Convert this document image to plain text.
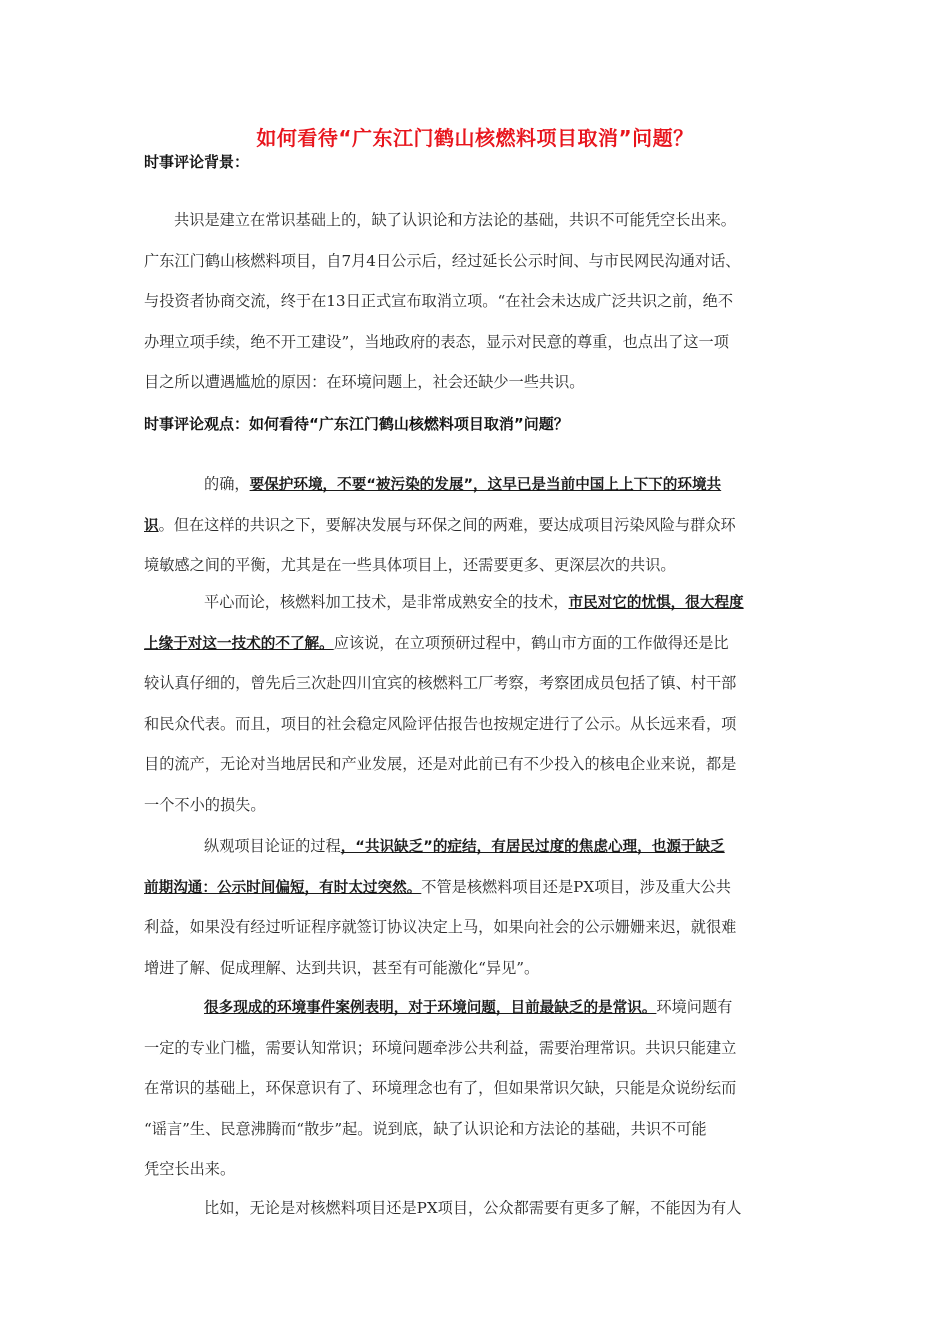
如何看待“广东江门鹤山核燃料项目取消”问题？
时事评论背景：
共识是建立在常识基础上的，缺了认识论和方法论的基础，共识不可能凭空长出来。
广东江门鹤山核燃料项目，自7月4日公示后，经过延长公示时间、与市民网民沟通对话、
与投资者协商交流，终于在13日正式宣布取消立项。“在社会未达成广泛共识之前，绝不
办理立项手续，绝不开工建设”，当地政府的表态，显示对民意的尊重，也点出了这一项
目之所以遭遇尴尬的原因：在环境问题上，社会还缺少一些共识。
时事评论观点：如何看待“广东江门鹤山核燃料项目取消”问题？
的确，要保护环境，不要“被污染的发展”，这早已是当前中国上上下下的环境共
识。但在这样的共识之下，要解决发展与环保之间的两难，要达成项目污染风险与群众环
境敏感之间的平衡，尤其是在一些具体项目上，还需要更多、更深层次的共识。
平心而论，核燃料加工技术，是非常成熟安全的技术，市民对它的忧惧，很大程度
上缘于对这一技术的不了解。应该说，在立项预研过程中，鹤山市方面的工作做得还是比
较认真仔细的，曾先后三次赴四川宜宾的核燃料工厂考察，考察团成员包括了镇、村干部
和民众代表。而且，项目的社会稳定风险评估报告也按规定进行了公示。从长远来看，项
目的流产，无论对当地居民和产业发展，还是对此前已有不少投入的核电企业来说，都是
一个不小的损失。
纵观项目论证的过程，“共识缺乏”的症结，有居民过度的焦虑心理，也源于缺乏
前期沟通：公示时间偏短，有时太过突然。不管是核燃料项目还是PX项目，涉及重大公共
利益，如果没有经过听证程序就签订协议决定上马，如果向社会的公示姗姗来迟，就很难
增进了解、促成理解、达到共识，甚至有可能激化“异见”。
很多现成的环境事件案例表明，对于环境问题，目前最缺乏的是常识。环境问题有
一定的专业门槛，需要认知常识；环境问题牵涉公共利益，需要治理常识。共识只能建立
在常识的基础上，环保意识有了、环境理念也有了，但如果常识欠缺，只能是众说纷纭而
“谣言”生、民意沸腾而“散步”起。说到底，缺了认识论和方法论的基础，共识不可能
凭空长出来。
比如，无论是对核燃料项目还是PX项目，公众都需要有更多了解，不能因为有人
